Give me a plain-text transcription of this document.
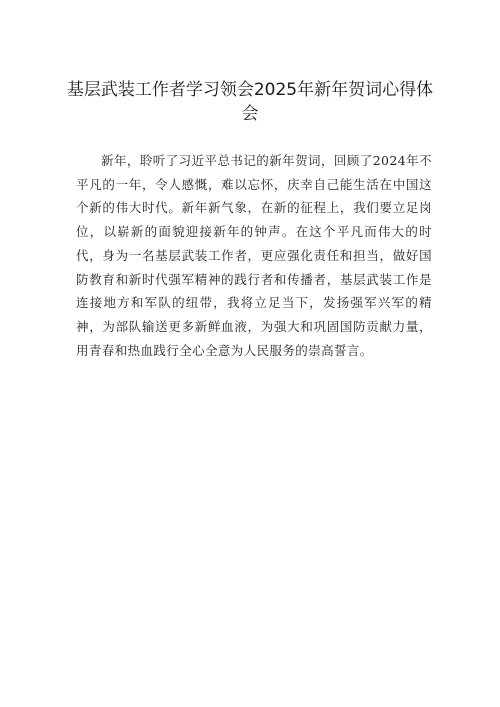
基层武装工作者学习领会2025年新年贺词心得体会

新年，聆听了习近平总书记的新年贺词，回顾了2024年不平凡的一年，令人感慨，难以忘怀，庆幸自己能生活在中国这个新的伟大时代。新年新气象，在新的征程上，我们要立足岗位，以崭新的面貌迎接新年的钟声。在这个平凡而伟大的时代，身为一名基层武装工作者，更应强化责任和担当，做好国防教育和新时代强军精神的践行者和传播者，基层武装工作是连接地方和军队的纽带，我将立足当下，发扬强军兴军的精神，为部队输送更多新鲜血液，为强大和巩固国防贡献力量，用青春和热血践行全心全意为人民服务的崇高誓言。
